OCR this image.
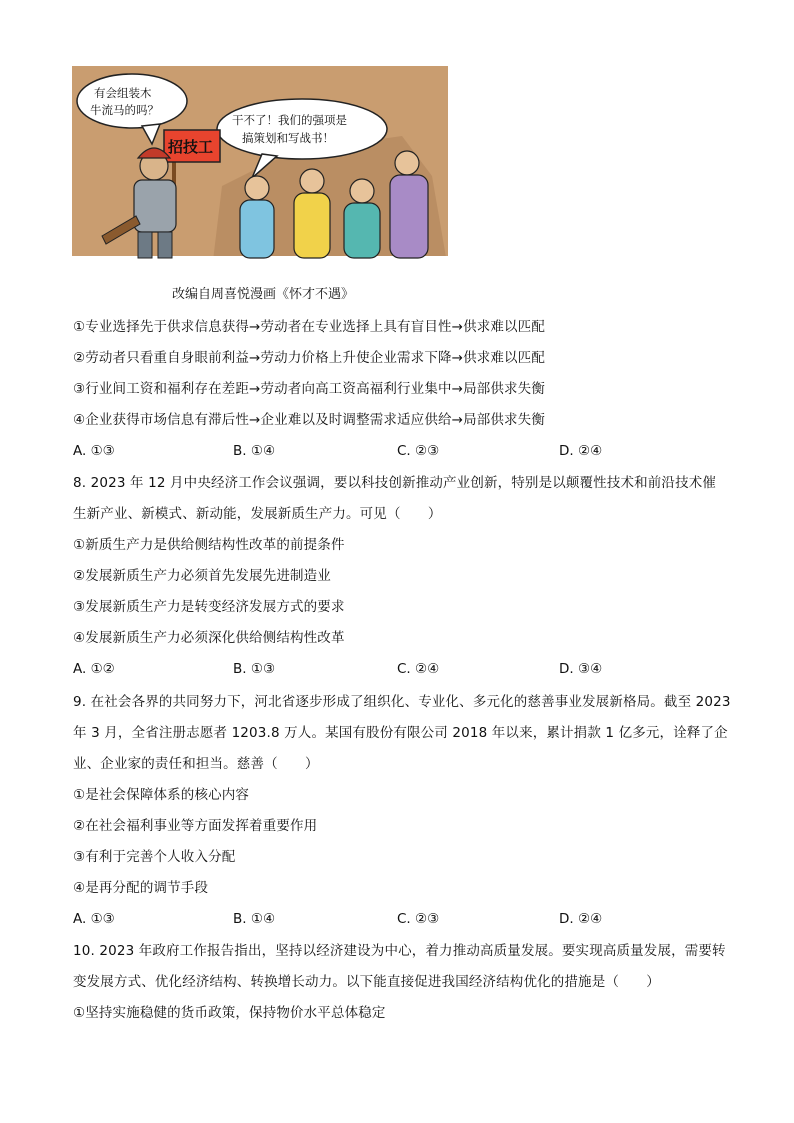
有会组装木
牛流马的吗？
干不了！我们的强项是
搞策划和写战书！
招技工
改编自周喜悦漫画《怀才不遇》
①专业选择先于供求信息获得→劳动者在专业选择上具有盲目性→供求难以匹配
②劳动者只看重自身眼前利益→劳动力价格上升使企业需求下降→供求难以匹配
③行业间工资和福利存在差距→劳动者向高工资高福利行业集中→局部供求失衡
④企业获得市场信息有滞后性→企业难以及时调整需求适应供给→局部供求失衡
A. ①③	B. ①④	C. ②③	D. ②④
8. 2023 年 12 月中央经济工作会议强调，要以科技创新推动产业创新，特别是以颠覆性技术和前沿技术催
生新产业、新模式、新动能，发展新质生产力。可见（　　）
①新质生产力是供给侧结构性改革的前提条件
②发展新质生产力必须首先发展先进制造业
③发展新质生产力是转变经济发展方式的要求
④发展新质生产力必须深化供给侧结构性改革
A. ①②	B. ①③	C. ②④	D. ③④
9. 在社会各界的共同努力下，河北省逐步形成了组织化、专业化、多元化的慈善事业发展新格局。截至 2023
年 3 月，全省注册志愿者 1203.8 万人。某国有股份有限公司 2018 年以来，累计捐款 1 亿多元，诠释了企
业、企业家的责任和担当。慈善（　　）
①是社会保障体系的核心内容
②在社会福利事业等方面发挥着重要作用
③有利于完善个人收入分配
④是再分配的调节手段
A. ①③	B. ①④	C. ②③	D. ②④
10. 2023 年政府工作报告指出，坚持以经济建设为中心，着力推动高质量发展。要实现高质量发展，需要转
变发展方式、优化经济结构、转换增长动力。以下能直接促进我国经济结构优化的措施是（　　）
①坚持实施稳健的货币政策，保持物价水平总体稳定
